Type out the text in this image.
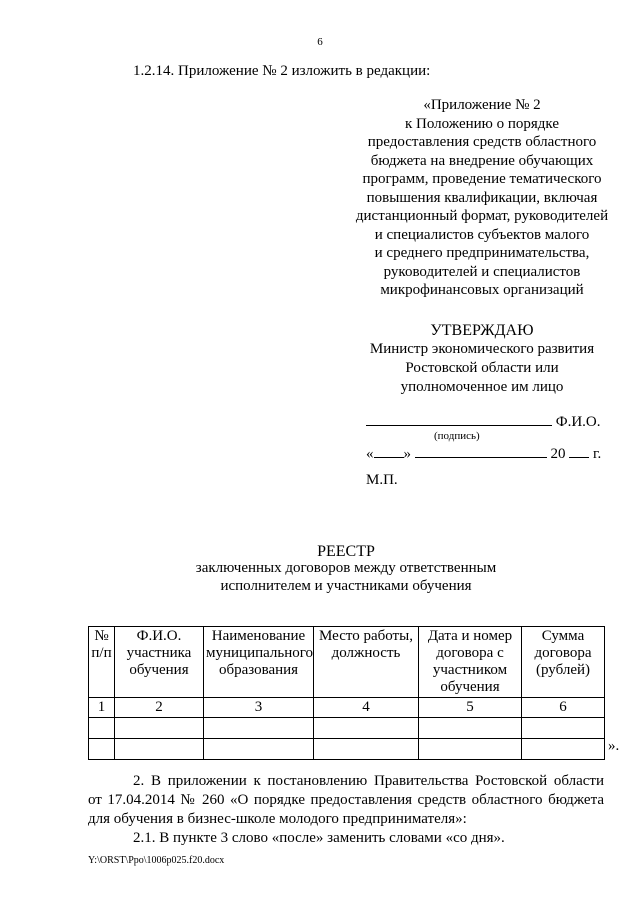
6
1.2.14. Приложение № 2 изложить в редакции:
«Приложение № 2
к Положению о порядке
предоставления средств областного
бюджета на внедрение обучающих
программ, проведение тематического
повышения квалификации, включая
дистанционный формат, руководителей
и специалистов субъектов малого
и среднего предпринимательства,
руководителей и специалистов
микрофинансовых организаций
УТВЕРЖДАЮ
Министр экономического развития
Ростовской области или
уполномоченное им лицо
Ф.И.О.
(подпись)
« »	20 г.
М.П.
РЕЕСТР
заключенных договоров между ответственным
исполнителем и участниками обучения
№ п/п	Ф.И.О. участника обучения	Наименование муниципального образования	Место работы, должность	Дата и номер договора с участником обучения	Сумма договора (рублей)
1	2	3	4	5	6

».
2. В приложении к постановлению Правительства Ростовской области
от 17.04.2014 № 260 «О порядке предоставления средств областного бюджета
для обучения в бизнес-школе молодого предпринимателя»:
2.1. В пункте 3 слово «после» заменить словами «со дня».
Y:\ORST\Ppo\1006p025.f20.docx
